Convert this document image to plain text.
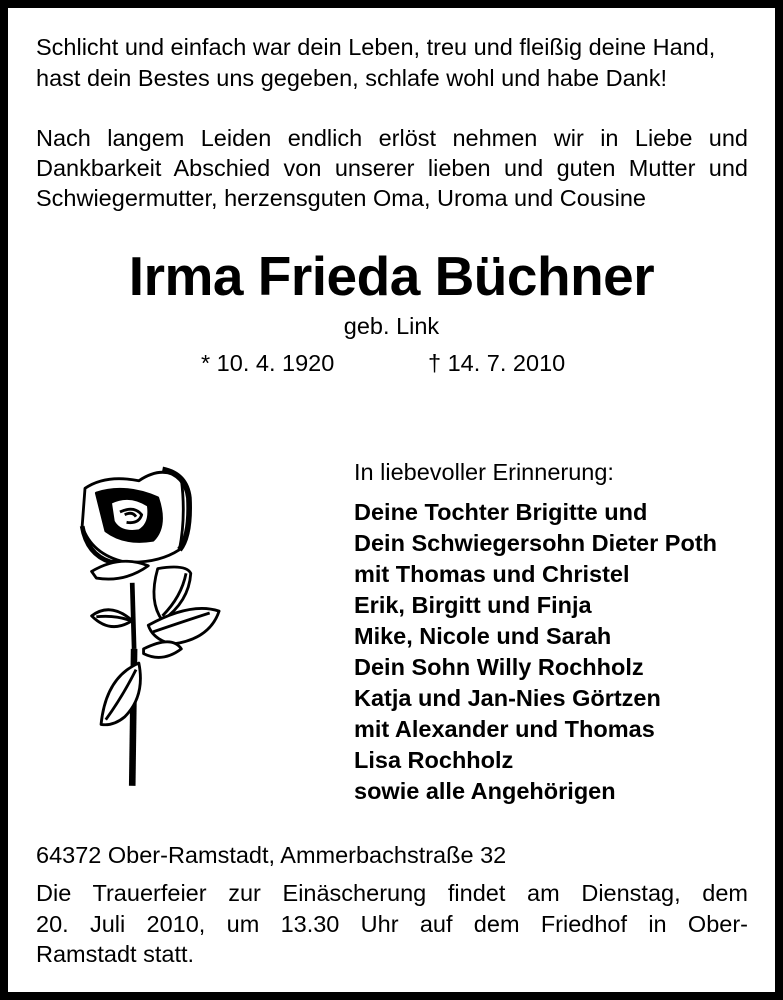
Schlicht und einfach war dein Leben, treu und fleißig deine Hand,
hast dein Bestes uns gegeben, schlafe wohl und habe Dank!
Nach langem Leiden endlich erlöst nehmen wir in Liebe und
Dankbarkeit Abschied von unserer lieben und guten Mutter und
Schwiegermutter, herzensguten Oma, Uroma und Cousine
Irma Frieda Büchner
geb. Link
* 10. 4. 1920	† 14. 7. 2010
In liebevoller Erinnerung:
Deine Tochter Brigitte und
Dein Schwiegersohn Dieter Poth
mit Thomas und Christel
Erik, Birgitt und Finja
Mike, Nicole und Sarah
Dein Sohn Willy Rochholz
Katja und Jan-Nies Görtzen
mit Alexander und Thomas
Lisa Rochholz
sowie alle Angehörigen
64372 Ober-Ramstadt, Ammerbachstraße 32
Die Trauerfeier zur Einäscherung findet am Dienstag, dem
20. Juli 2010, um 13.30 Uhr auf dem Friedhof in Ober-
Ramstadt statt.
